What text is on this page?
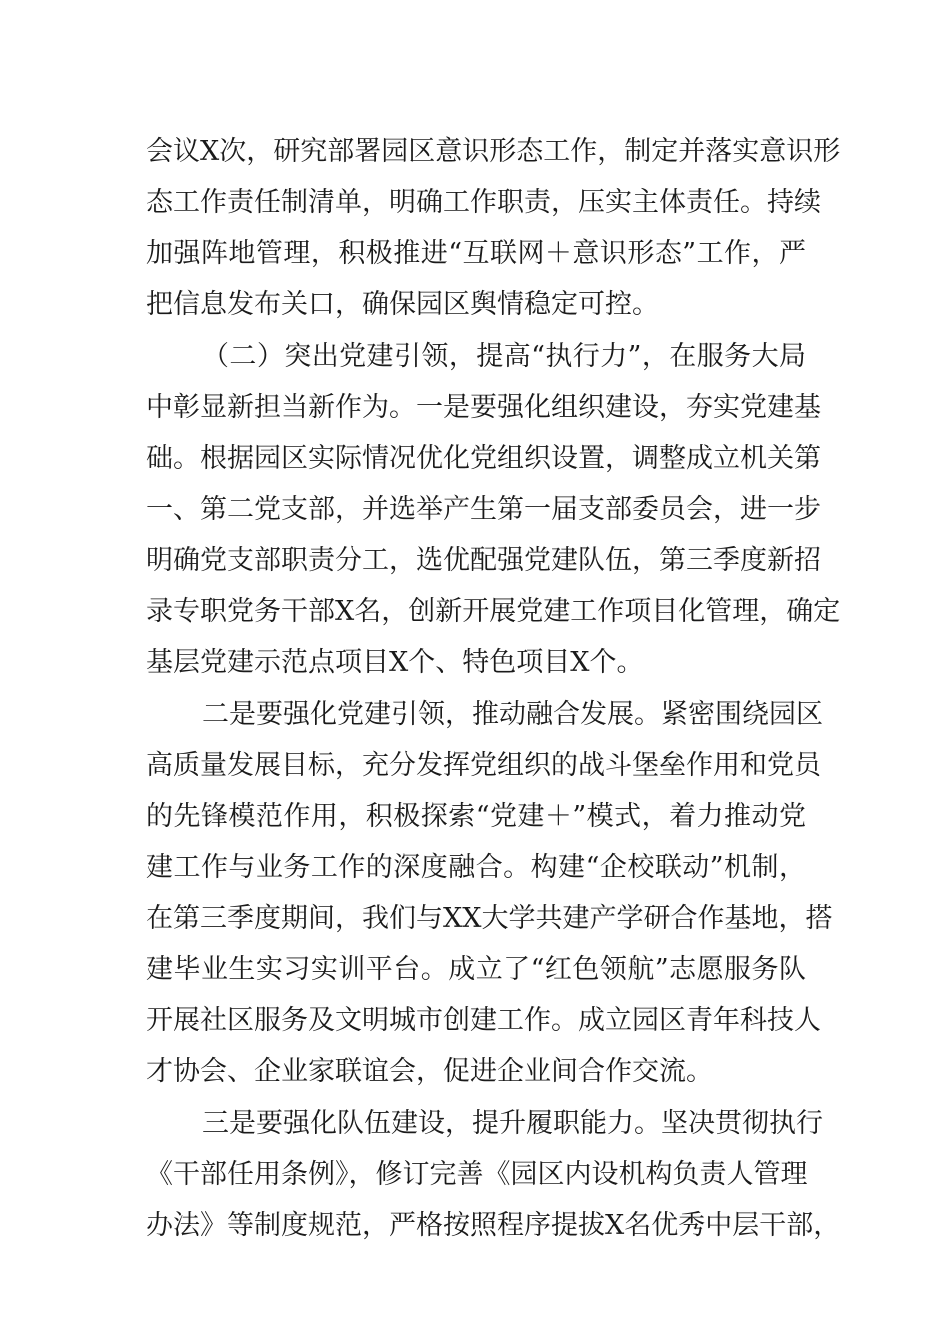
会议X次，研究部署园区意识形态工作，制定并落实意识形
态工作责任制清单，明确工作职责，压实主体责任。持续
加强阵地管理，积极推进“互联网＋意识形态”工作，严
把信息发布关口，确保园区舆情稳定可控。
（二）突出党建引领，提高“执行力”，在服务大局
中彰显新担当新作为。一是要强化组织建设，夯实党建基
础。根据园区实际情况优化党组织设置，调整成立机关第
一、第二党支部，并选举产生第一届支部委员会，进一步
明确党支部职责分工，选优配强党建队伍，第三季度新招
录专职党务干部X名，创新开展党建工作项目化管理，确定
基层党建示范点项目X个、特色项目X个。
二是要强化党建引领，推动融合发展。紧密围绕园区
高质量发展目标，充分发挥党组织的战斗堡垒作用和党员
的先锋模范作用，积极探索“党建＋”模式，着力推动党
建工作与业务工作的深度融合。构建“企校联动”机制，
在第三季度期间，我们与XX大学共建产学研合作基地，搭
建毕业生实习实训平台。成立了“红色领航”志愿服务队
开展社区服务及文明城市创建工作。成立园区青年科技人
才协会、企业家联谊会，促进企业间合作交流。
三是要强化队伍建设，提升履职能力。坚决贯彻执行
《干部任用条例》，修订完善《园区内设机构负责人管理
办法》等制度规范，严格按照程序提拔X名优秀中层干部，
